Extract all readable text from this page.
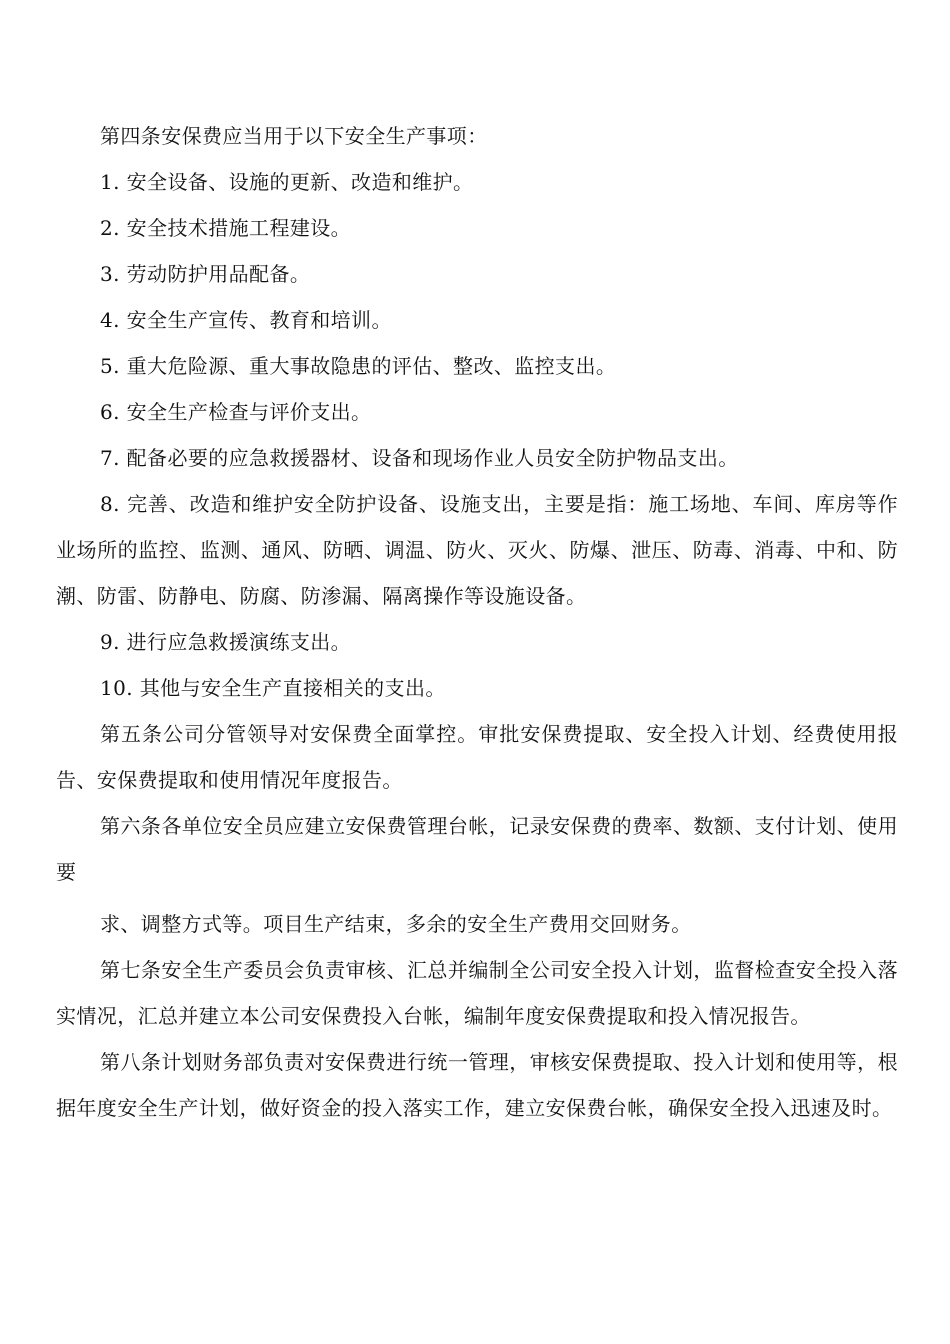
第四条安保费应当用于以下安全生产事项：

1. 安全设备、设施的更新、改造和维护。

2. 安全技术措施工程建设。

3. 劳动防护用品配备。

4. 安全生产宣传、教育和培训。

5. 重大危险源、重大事故隐患的评估、整改、监控支出。

6. 安全生产检查与评价支出。

7. 配备必要的应急救援器材、设备和现场作业人员安全防护物品支出。

8. 完善、改造和维护安全防护设备、设施支出，主要是指：施工场地、车间、库房等作业场所的监控、监测、通风、防晒、调温、防火、灭火、防爆、泄压、防毒、消毒、中和、防潮、防雷、防静电、防腐、防渗漏、隔离操作等设施设备。

9. 进行应急救援演练支出。

10. 其他与安全生产直接相关的支出。

第五条公司分管领导对安保费全面掌控。审批安保费提取、安全投入计划、经费使用报告、安保费提取和使用情况年度报告。

第六条各单位安全员应建立安保费管理台帐，记录安保费的费率、数额、支付计划、使用要

求、调整方式等。项目生产结束，多余的安全生产费用交回财务。

第七条安全生产委员会负责审核、汇总并编制全公司安全投入计划，监督检查安全投入落实情况，汇总并建立本公司安保费投入台帐，编制年度安保费提取和投入情况报告。

第八条计划财务部负责对安保费进行统一管理，审核安保费提取、投入计划和使用等，根据年度安全生产计划，做好资金的投入落实工作，建立安保费台帐，确保安全投入迅速及时。
